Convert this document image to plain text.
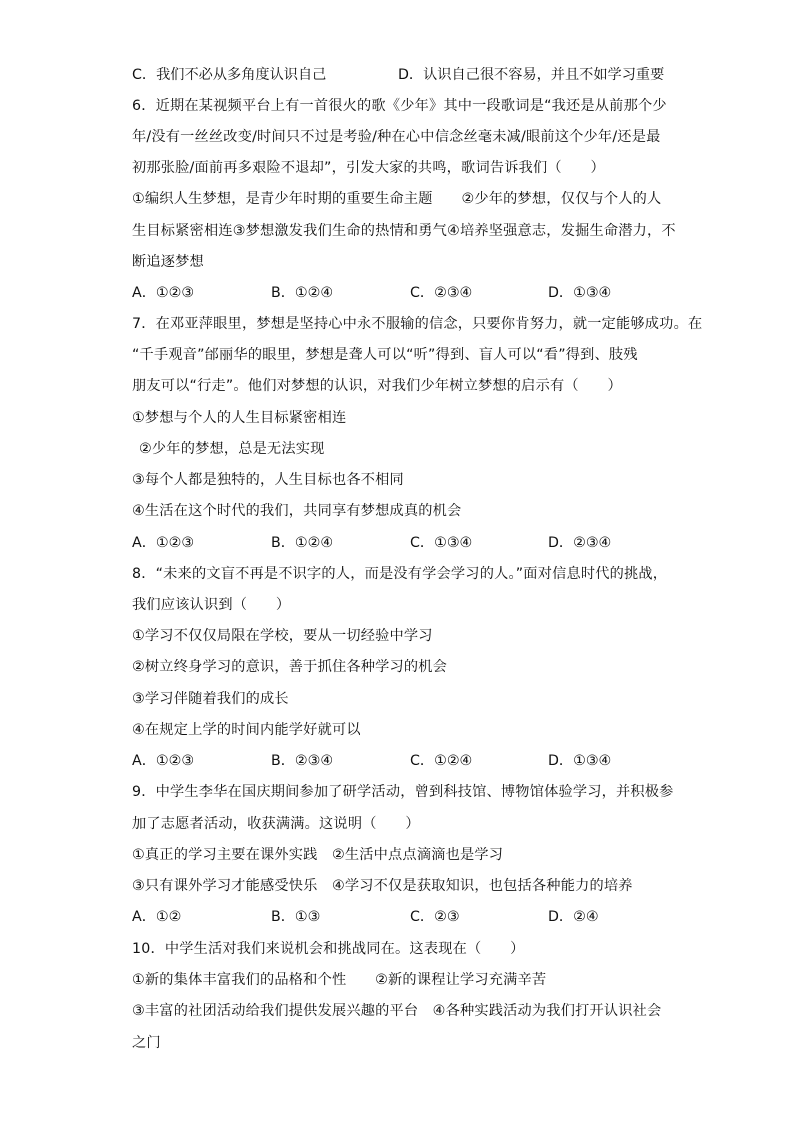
C．我们不必从多角度认识自己	D．认识自己很不容易，并且不如学习重要
6．近期在某视频平台上有一首很火的歌《少年》其中一段歌词是“我还是从前那个少
年/没有一丝丝改变/时间只不过是考验/种在心中信念丝毫未减/眼前这个少年/还是最
初那张脸/面前再多艰险不退却”，引发大家的共鸣，歌词告诉我们（　　）
①编织人生梦想，是青少年时期的重要生命主题　　②少年的梦想，仅仅与个人的人
生目标紧密相连③梦想激发我们生命的热情和勇气④培养坚强意志，发掘生命潜力，不
断追逐梦想
A．①②③	B．①②④	C．②③④	D．①③④
7．在邓亚萍眼里，梦想是坚持心中永不服输的信念，只要你肯努力，就一定能够成功。在
“千手观音”邰丽华的眼里，梦想是聋人可以“听”得到、盲人可以“看”得到、肢残
朋友可以“行走”。他们对梦想的认识，对我们少年树立梦想的启示有（　　）
①梦想与个人的人生目标紧密相连
②少年的梦想，总是无法实现
③每个人都是独特的，人生目标也各不相同
④生活在这个时代的我们，共同享有梦想成真的机会
A．①②③	B．①②④	C．①③④	D．②③④
8．“未来的文盲不再是不识字的人，而是没有学会学习的人。”面对信息时代的挑战，
我们应该认识到（　　）
①学习不仅仅局限在学校，要从一切经验中学习
②树立终身学习的意识，善于抓住各种学习的机会
③学习伴随着我们的成长
④在规定上学的时间内能学好就可以
A．①②③	B．②③④	C．①②④	D．①③④
9．中学生李华在国庆期间参加了研学活动，曾到科技馆、博物馆体验学习，并积极参
加了志愿者活动，收获满满。这说明（　　）
①真正的学习主要在课外实践　②生活中点点滴滴也是学习
③只有课外学习才能感受快乐　④学习不仅是获取知识，也包括各种能力的培养
A．①②	B．①③	C．②③	D．②④
10．中学生活对我们来说机会和挑战同在。这表现在（　　）
①新的集体丰富我们的品格和个性　　②新的课程让学习充满辛苦
③丰富的社团活动给我们提供发展兴趣的平台　④各种实践活动为我们打开认识社会
之门
